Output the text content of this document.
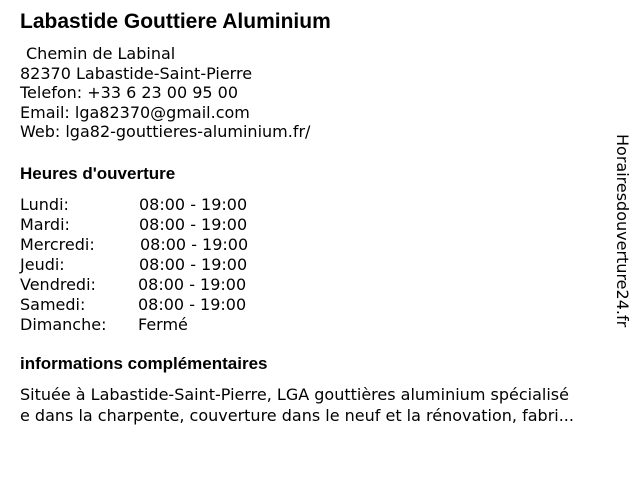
Labastide Gouttiere Aluminium
Chemin de Labinal
82370 Labastide-Saint-Pierre
Telefon: +33 6 23 00 95 00
Email: lga82370@gmail.com
Web: lga82-gouttieres-aluminium.fr/
Heures d'ouverture
Lundi:	08:00 - 19:00
Mardi:	08:00 - 19:00
Mercredi:	08:00 - 19:00
Jeudi:	08:00 - 19:00
Vendredi:	08:00 - 19:00
Samedi:	08:00 - 19:00
Dimanche: Fermé
informations complémentaires
Située à Labastide-Saint-Pierre, LGA gouttières aluminium spécialisé
e dans la charpente, couverture dans le neuf et la rénovation, fabri...
Horairesdouverture24.fr
